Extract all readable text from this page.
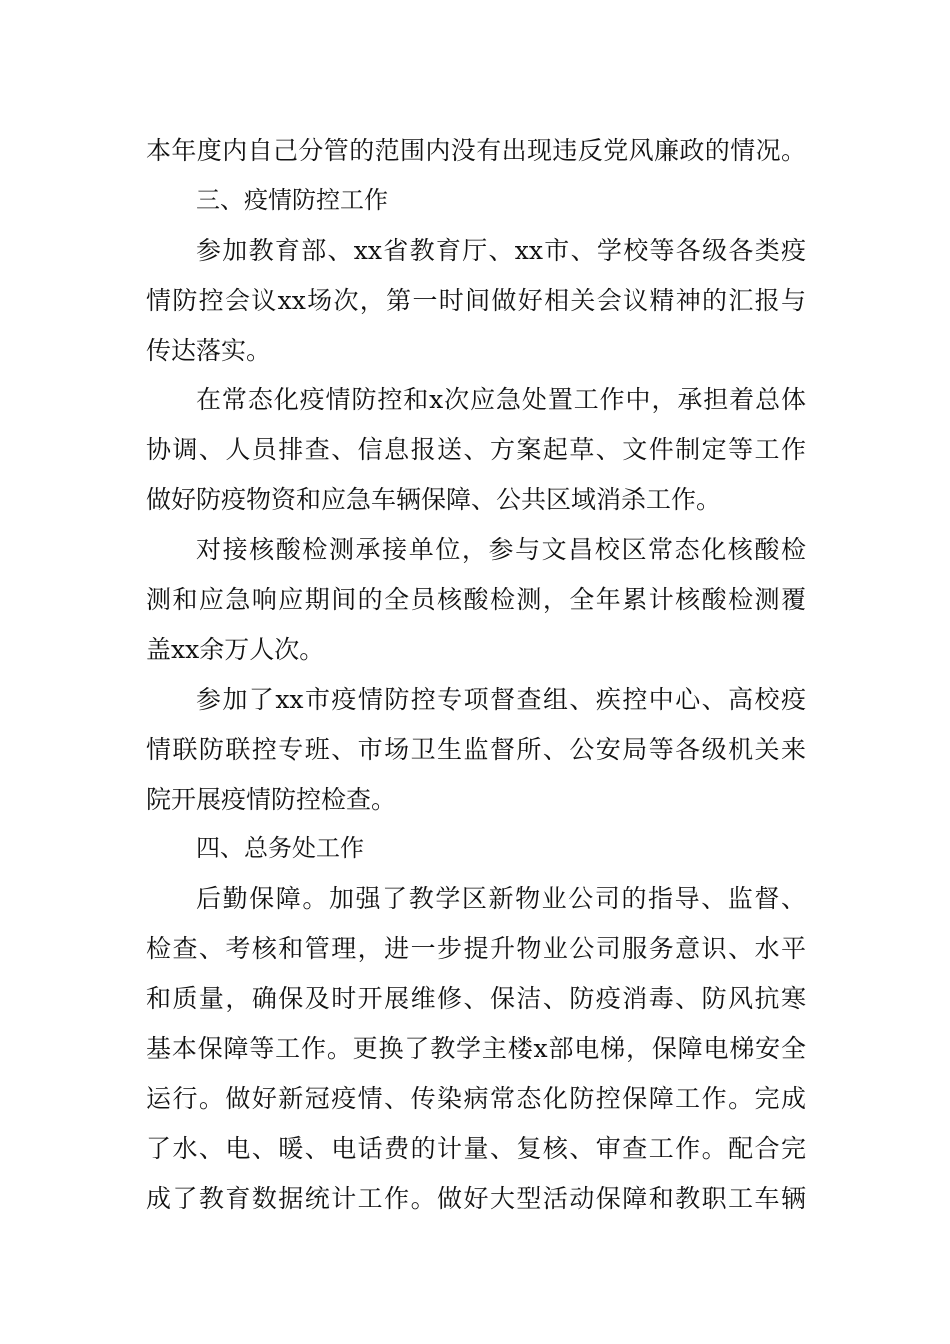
本年度内自己分管的范围内没有出现违反党风廉政的情况。
三、疫情防控工作
参加教育部、xx省教育厅、xx市、学校等各级各类疫
情防控会议xx场次，第一时间做好相关会议精神的汇报与
传达落实。
在常态化疫情防控和x次应急处置工作中，承担着总体
协调、人员排查、信息报送、方案起草、文件制定等工作
做好防疫物资和应急车辆保障、公共区域消杀工作。
对接核酸检测承接单位，参与文昌校区常态化核酸检
测和应急响应期间的全员核酸检测，全年累计核酸检测覆
盖xx余万人次。
参加了xx市疫情防控专项督查组、疾控中心、高校疫
情联防联控专班、市场卫生监督所、公安局等各级机关来
院开展疫情防控检查。
四、总务处工作
后勤保障。加强了教学区新物业公司的指导、监督、
检查、考核和管理，进一步提升物业公司服务意识、水平
和质量，确保及时开展维修、保洁、防疫消毒、防风抗寒
基本保障等工作。更换了教学主楼x部电梯，保障电梯安全
运行。做好新冠疫情、传染病常态化防控保障工作。完成
了水、电、暖、电话费的计量、复核、审查工作。配合完
成了教育数据统计工作。做好大型活动保障和教职工车辆
